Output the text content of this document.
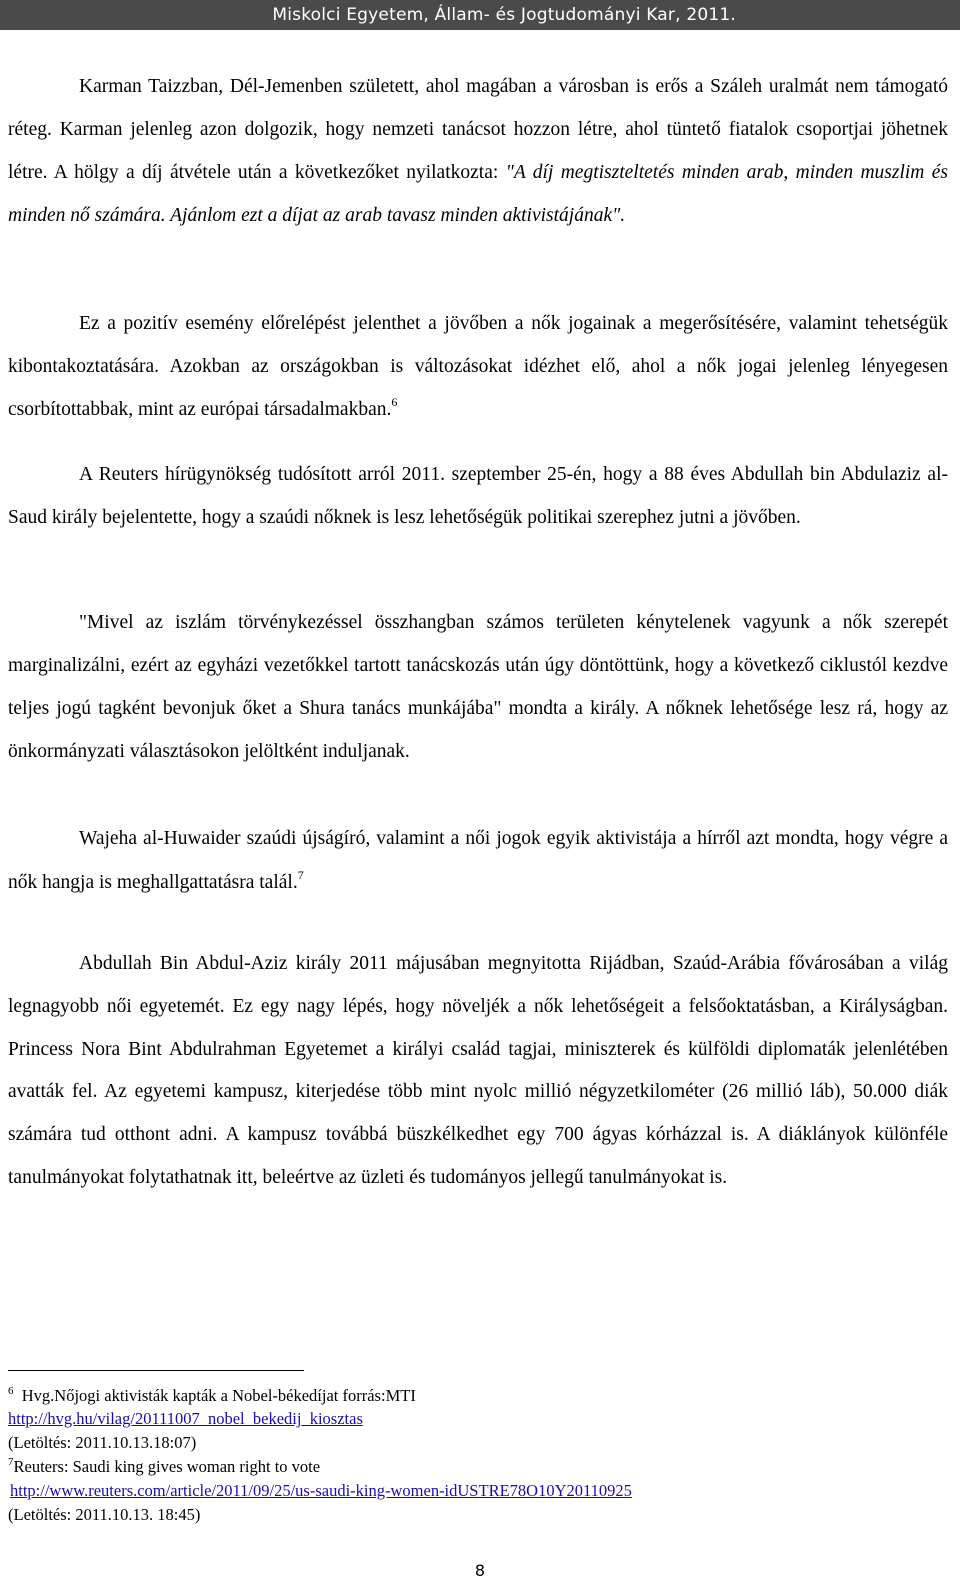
Miskolci Egyetem, Állam- és Jogtudományi Kar, 2011.

Karman Taizzban, Dél-Jemenben született, ahol magában a városban is erős a Száleh uralmát nem támogató réteg. Karman jelenleg azon dolgozik, hogy nemzeti tanácsot hozzon létre, ahol tüntető fiatalok csoportjai jöhetnek létre. A hölgy a díj átvétele után a következőket nyilatkozta: "A díj megtiszteltetés minden arab, minden muszlim és minden nő számára. Ajánlom ezt a díjat az arab tavasz minden aktivistájának".

Ez a pozitív esemény előrelépést jelenthet a jövőben a nők jogainak a megerősítésére, valamint tehetségük kibontakoztatására. Azokban az országokban is változásokat idézhet elő, ahol a nők jogai jelenleg lényegesen csorbítottabbak, mint az európai társadalmakban.$^6$

A Reuters hírügynökség tudósított arról 2011. szeptember 25-én, hogy a 88 éves Abdullah bin Abdulaziz al-Saud király bejelentette, hogy a szaúdi nőknek is lesz lehetőségük politikai szerephez jutni a jövőben.

"Mivel az iszlám törvénykezéssel összhangban számos területen kénytelenek vagyunk a nők szerepét marginalizálni, ezért az egyházi vezetőkkel tartott tanácskozás után úgy döntöttünk, hogy a következő ciklustól kezdve teljes jogú tagként bevonjuk őket a Shura tanács munkájába" mondta a király. A nőknek lehetősége lesz rá, hogy az önkormányzati választásokon jelöltként induljanak.

Wajeha al-Huwaider szaúdi újságíró, valamint a női jogok egyik aktivistája a hírről azt mondta, hogy végre a nők hangja is meghallgattatásra talál.$^7$

Abdullah Bin Abdul-Aziz király 2011 májusában megnyitotta Rijádban, Szaúd-Arábia fővárosában a világ legnagyobb női egyetemét. Ez egy nagy lépés, hogy növeljék a nők lehetőségeit a felsőoktatásban, a Királyságban. Princess Nora Bint Abdulrahman Egyetemet a királyi család tagjai, miniszterek és külföldi diplomaták jelenlétében avatták fel. Az egyetemi kampusz, kiterjedése több mint nyolc millió négyzetkilométer (26 millió láb), 50.000 diák számára tud otthont adni. A kampusz továbbá büszkélkedhet egy 700 ágyas kórházzal is. A diáklányok különféle tanulmányokat folytathatnak itt, beleértve az üzleti és tudományos jellegű tanulmányokat is.

$^6$ Hvg.Nőjogi aktivisták kapták a Nobel-békedíjat forrás:MTI
http://hvg.hu/vilag/20111007_nobel_bekedij_kiosztas
(Letöltés: 2011.10.13.18:07)
$^7$Reuters: Saudi king gives woman right to vote
http://www.reuters.com/article/2011/09/25/us-saudi-king-women-idUSTRE78O10Y20110925
(Letöltés: 2011.10.13. 18:45)
8
